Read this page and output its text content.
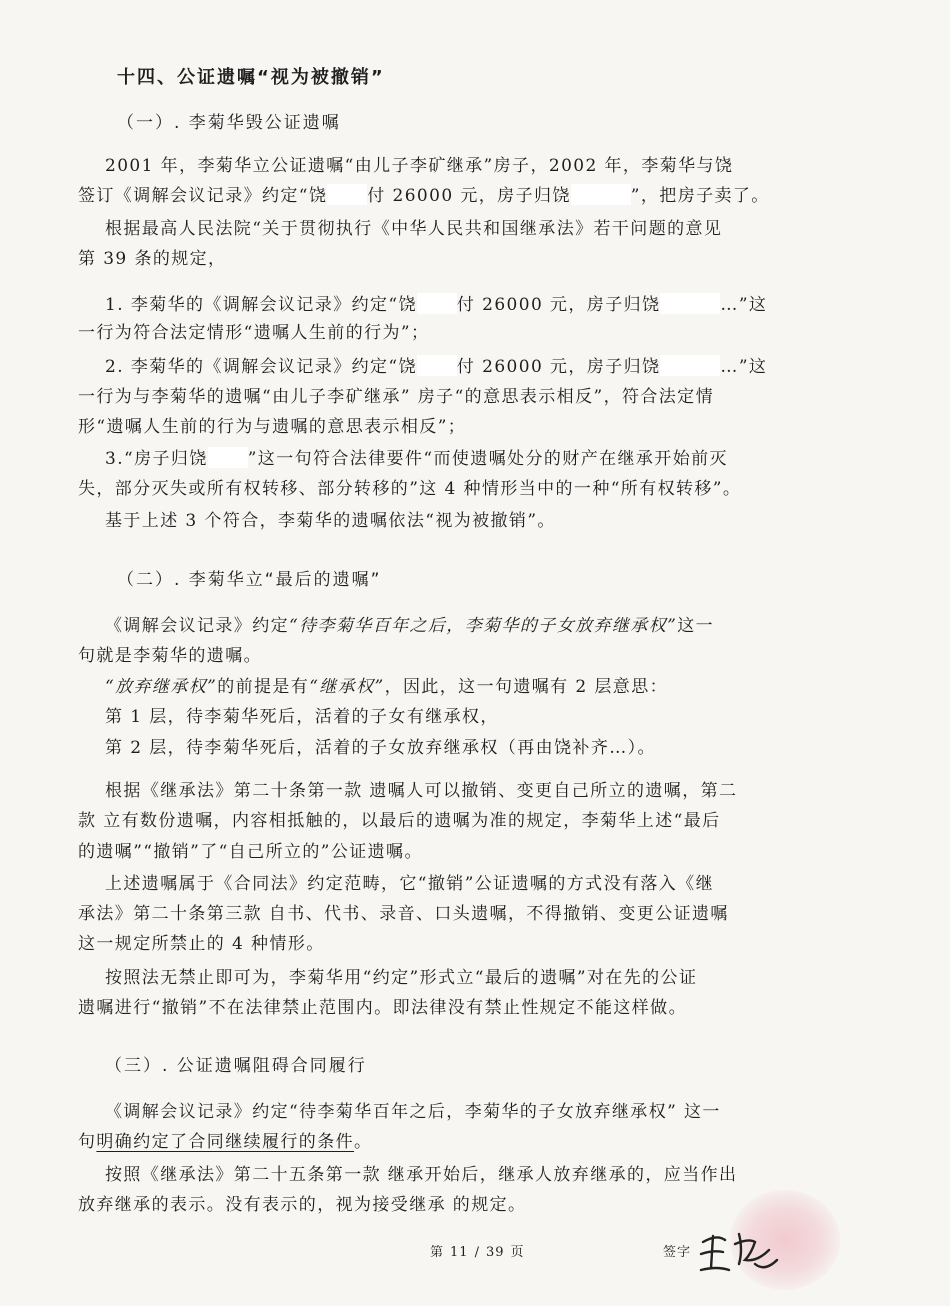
十四、公证遗嘱“视为被撤销”
（一）. 李菊华毁公证遗嘱
2001 年，李菊华立公证遗嘱“由儿子李矿继承”房子，2002 年，李菊华与饶
签订《调解会议记录》约定“饶 付 26000 元，房子归饶	”，把房子卖了。
根据最高人民法院“关于贯彻执行《中华人民共和国继承法》若干问题的意见
第 39 条的规定，
1. 李菊华的《调解会议记录》约定“饶 付 26000 元，房子归饶	…”这
一行为符合法定情形“遗嘱人生前的行为”；
2. 李菊华的《调解会议记录》约定“饶 付 26000 元，房子归饶	…”这
一行为与李菊华的遗嘱“由儿子李矿继承” 房子“的意思表示相反”，符合法定情
形“遗嘱人生前的行为与遗嘱的意思表示相反”；
3.“房子归饶 ”这一句符合法律要件“而使遗嘱处分的财产在继承开始前灭
失，部分灭失或所有权转移、部分转移的”这 4 种情形当中的一种“所有权转移”。
基于上述 3 个符合，李菊华的遗嘱依法“视为被撤销”。
（二）. 李菊华立“最后的遗嘱”
《调解会议记录》约定“待李菊华百年之后，李菊华的子女放弃继承权”这一
句就是李菊华的遗嘱。
“放弃继承权”的前提是有“继承权”，因此，这一句遗嘱有 2 层意思：
第 1 层，待李菊华死后，活着的子女有继承权，
第 2 层，待李菊华死后，活着的子女放弃继承权（再由饶补齐…）。
根据《继承法》第二十条第一款 遗嘱人可以撤销、变更自己所立的遗嘱，第二
款 立有数份遗嘱，内容相抵触的，以最后的遗嘱为准的规定，李菊华上述“最后
的遗嘱”“撤销”了“自己所立的”公证遗嘱。
上述遗嘱属于《合同法》约定范畴，它“撤销”公证遗嘱的方式没有落入《继
承法》第二十条第三款 自书、代书、录音、口头遗嘱，不得撤销、变更公证遗嘱
这一规定所禁止的 4 种情形。
按照法无禁止即可为，李菊华用“约定”形式立“最后的遗嘱”对在先的公证
遗嘱进行“撤销”不在法律禁止范围内。即法律没有禁止性规定不能这样做。
（三）. 公证遗嘱阻碍合同履行
《调解会议记录》约定“待李菊华百年之后，李菊华的子女放弃继承权” 这一
句明确约定了合同继续履行的条件。
按照《继承法》第二十五条第一款 继承开始后，继承人放弃继承的，应当作出
放弃继承的表示。没有表示的，视为接受继承 的规定。
第 11 / 39 页	签字
